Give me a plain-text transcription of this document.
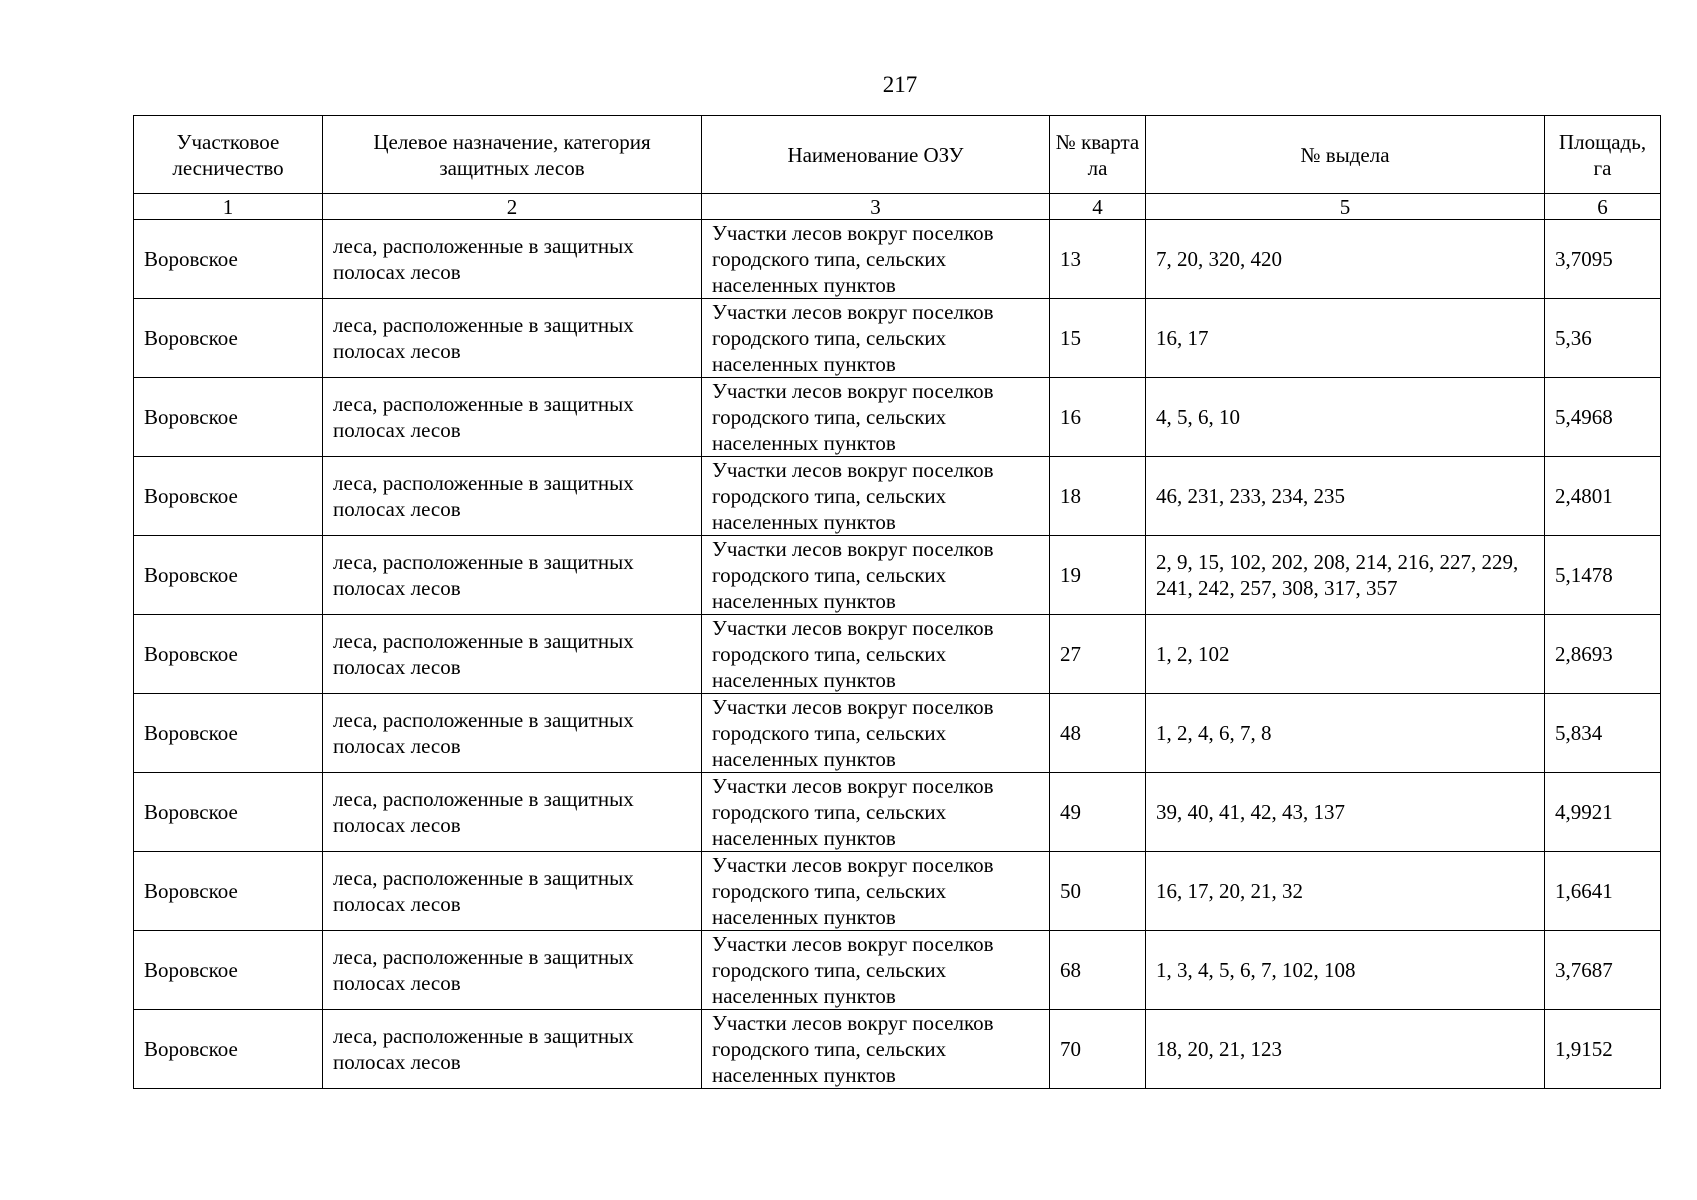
217
Участковое лесничество	Целевое назначение, категория защитных лесов	Наименование ОЗУ	№ квартала	№ выдела	Площадь, га
1	2	3	4	5	6
Воровское	леса, расположенные в защитных полосах лесов	Участки лесов вокруг поселков городского типа, сельских населенных пунктов	13	7, 20, 320, 420	3,7095
Воровское	леса, расположенные в защитных полосах лесов	Участки лесов вокруг поселков городского типа, сельских населенных пунктов	15	16, 17	5,36
Воровское	леса, расположенные в защитных полосах лесов	Участки лесов вокруг поселков городского типа, сельских населенных пунктов	16	4, 5, 6, 10	5,4968
Воровское	леса, расположенные в защитных полосах лесов	Участки лесов вокруг поселков городского типа, сельских населенных пунктов	18	46, 231, 233, 234, 235	2,4801
Воровское	леса, расположенные в защитных полосах лесов	Участки лесов вокруг поселков городского типа, сельских населенных пунктов	19	2, 9, 15, 102, 202, 208, 214, 216, 227, 229, 241, 242, 257, 308, 317, 357	5,1478
Воровское	леса, расположенные в защитных полосах лесов	Участки лесов вокруг поселков городского типа, сельских населенных пунктов	27	1, 2, 102	2,8693
Воровское	леса, расположенные в защитных полосах лесов	Участки лесов вокруг поселков городского типа, сельских населенных пунктов	48	1, 2, 4, 6, 7, 8	5,834
Воровское	леса, расположенные в защитных полосах лесов	Участки лесов вокруг поселков городского типа, сельских населенных пунктов	49	39, 40, 41, 42, 43, 137	4,9921
Воровское	леса, расположенные в защитных полосах лесов	Участки лесов вокруг поселков городского типа, сельских населенных пунктов	50	16, 17, 20, 21, 32	1,6641
Воровское	леса, расположенные в защитных полосах лесов	Участки лесов вокруг поселков городского типа, сельских населенных пунктов	68	1, 3, 4, 5, 6, 7, 102, 108	3,7687
Воровское	леса, расположенные в защитных полосах лесов	Участки лесов вокруг поселков городского типа, сельских населенных пунктов	70	18, 20, 21, 123	1,9152
